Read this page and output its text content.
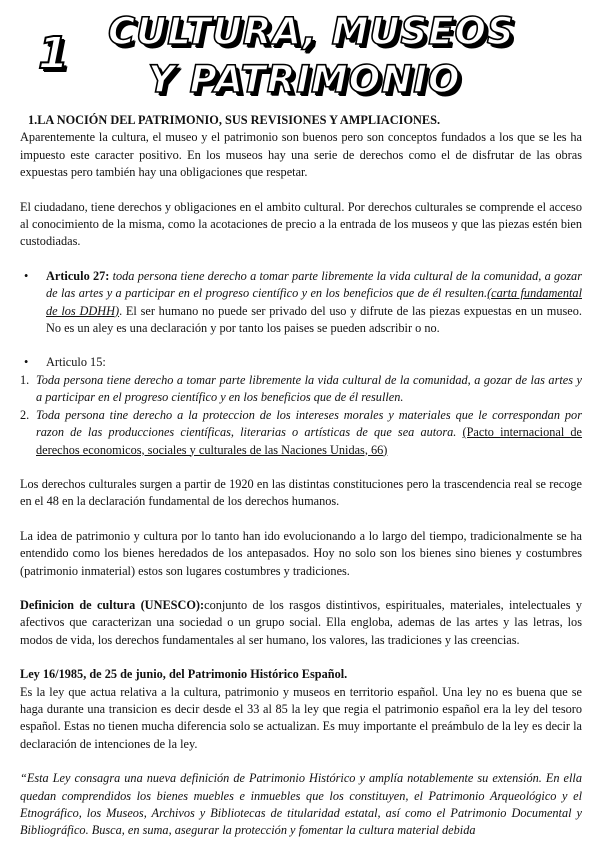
1 CULTURA, MUSEOS
Y PATRIMONIO

1.LA NOCIÓN DEL PATRIMONIO, SUS REVISIONES Y AMPLIACIONES.

Aparentemente la cultura, el museo y el patrimonio son buenos pero son conceptos fundados a los que se les ha impuesto este caracter positivo. En los museos hay una serie de derechos como el de disfrutar de las obras expuestas pero también hay una obligaciones que respetar.

El ciudadano, tiene derechos y obligaciones en el ambito cultural. Por derechos culturales se comprende el acceso al conocimiento de la misma, como la acotaciones de precio a la entrada de los museos y que las piezas estén bien custodiadas.

•	Articulo 27: toda persona tiene derecho a tomar parte libremente la vida cultural de la comunidad, a gozar de las artes y a participar en el progreso científico y en los beneficios que de él resulten.(carta fundamental de los DDHH). El ser humano no puede ser privado del uso y difrute de las piezas expuestas en un museo. No es un aley es una declaración y por tanto los paises se pueden adscribir o no.
•	Articulo 15:
1. Toda persona tiene derecho a tomar parte libremente la vida cultural de la comunidad, a gozar de las artes y a participar en el progreso científico y en los beneficios que de él resullen.
2. Toda persona tine derecho a la proteccion de los intereses morales y materiales que le correspondan por razon de las producciones científicas, literarias o artísticas de que sea autora. (Pacto internacional de derechos economicos, sociales y culturales de las Naciones Unidas, 66)

Los derechos culturales surgen a partir de 1920 en las distintas constituciones pero la trascendencia real se recoge en el 48 en la declaración fundamental de los derechos humanos.

La idea de patrimonio y cultura por lo tanto han ido evolucionando a lo largo del tiempo, tradicionalmente se ha entendido como los bienes heredados de los antepasados. Hoy no solo son los bienes sino bienes y costumbres (patrimonio inmaterial) estos son lugares costumbres y tradiciones.

Definicion de cultura (UNESCO):conjunto de los rasgos distintivos, espirituales, materiales, intelectuales y afectivos que caracterizan una sociedad o un grupo social. Ella engloba, ademas de las artes y las letras, los modos de vida, los derechos fundamentales al ser humano, los valores, las tradiciones y las creencias.

Ley 16/1985, de 25 de junio, del Patrimonio Histórico Español.

Es la ley que actua relativa a la cultura, patrimonio y museos en territorio español. Una ley no es buena que se haga durante una transicion es decir desde el 33 al 85 la ley que regia el patrimonio español era la ley del tesoro español. Estas no tienen mucha diferencia solo se actualizan. Es muy importante el preámbulo de la ley es decir la declaración de intenciones de la ley.

“Esta Ley consagra una nueva definición de Patrimonio Histórico y amplía notablemente su extensión. En ella quedan comprendidos los bienes muebles e inmuebles que los constituyen, el Patrimonio Arqueológico y el Etnográfico, los Museos, Archivos y Bibliotecas de titularidad estatal, así como el Patrimonio Documental y Bibliográfico. Busca, en suma, asegurar la protección y fomentar la cultura material debida
